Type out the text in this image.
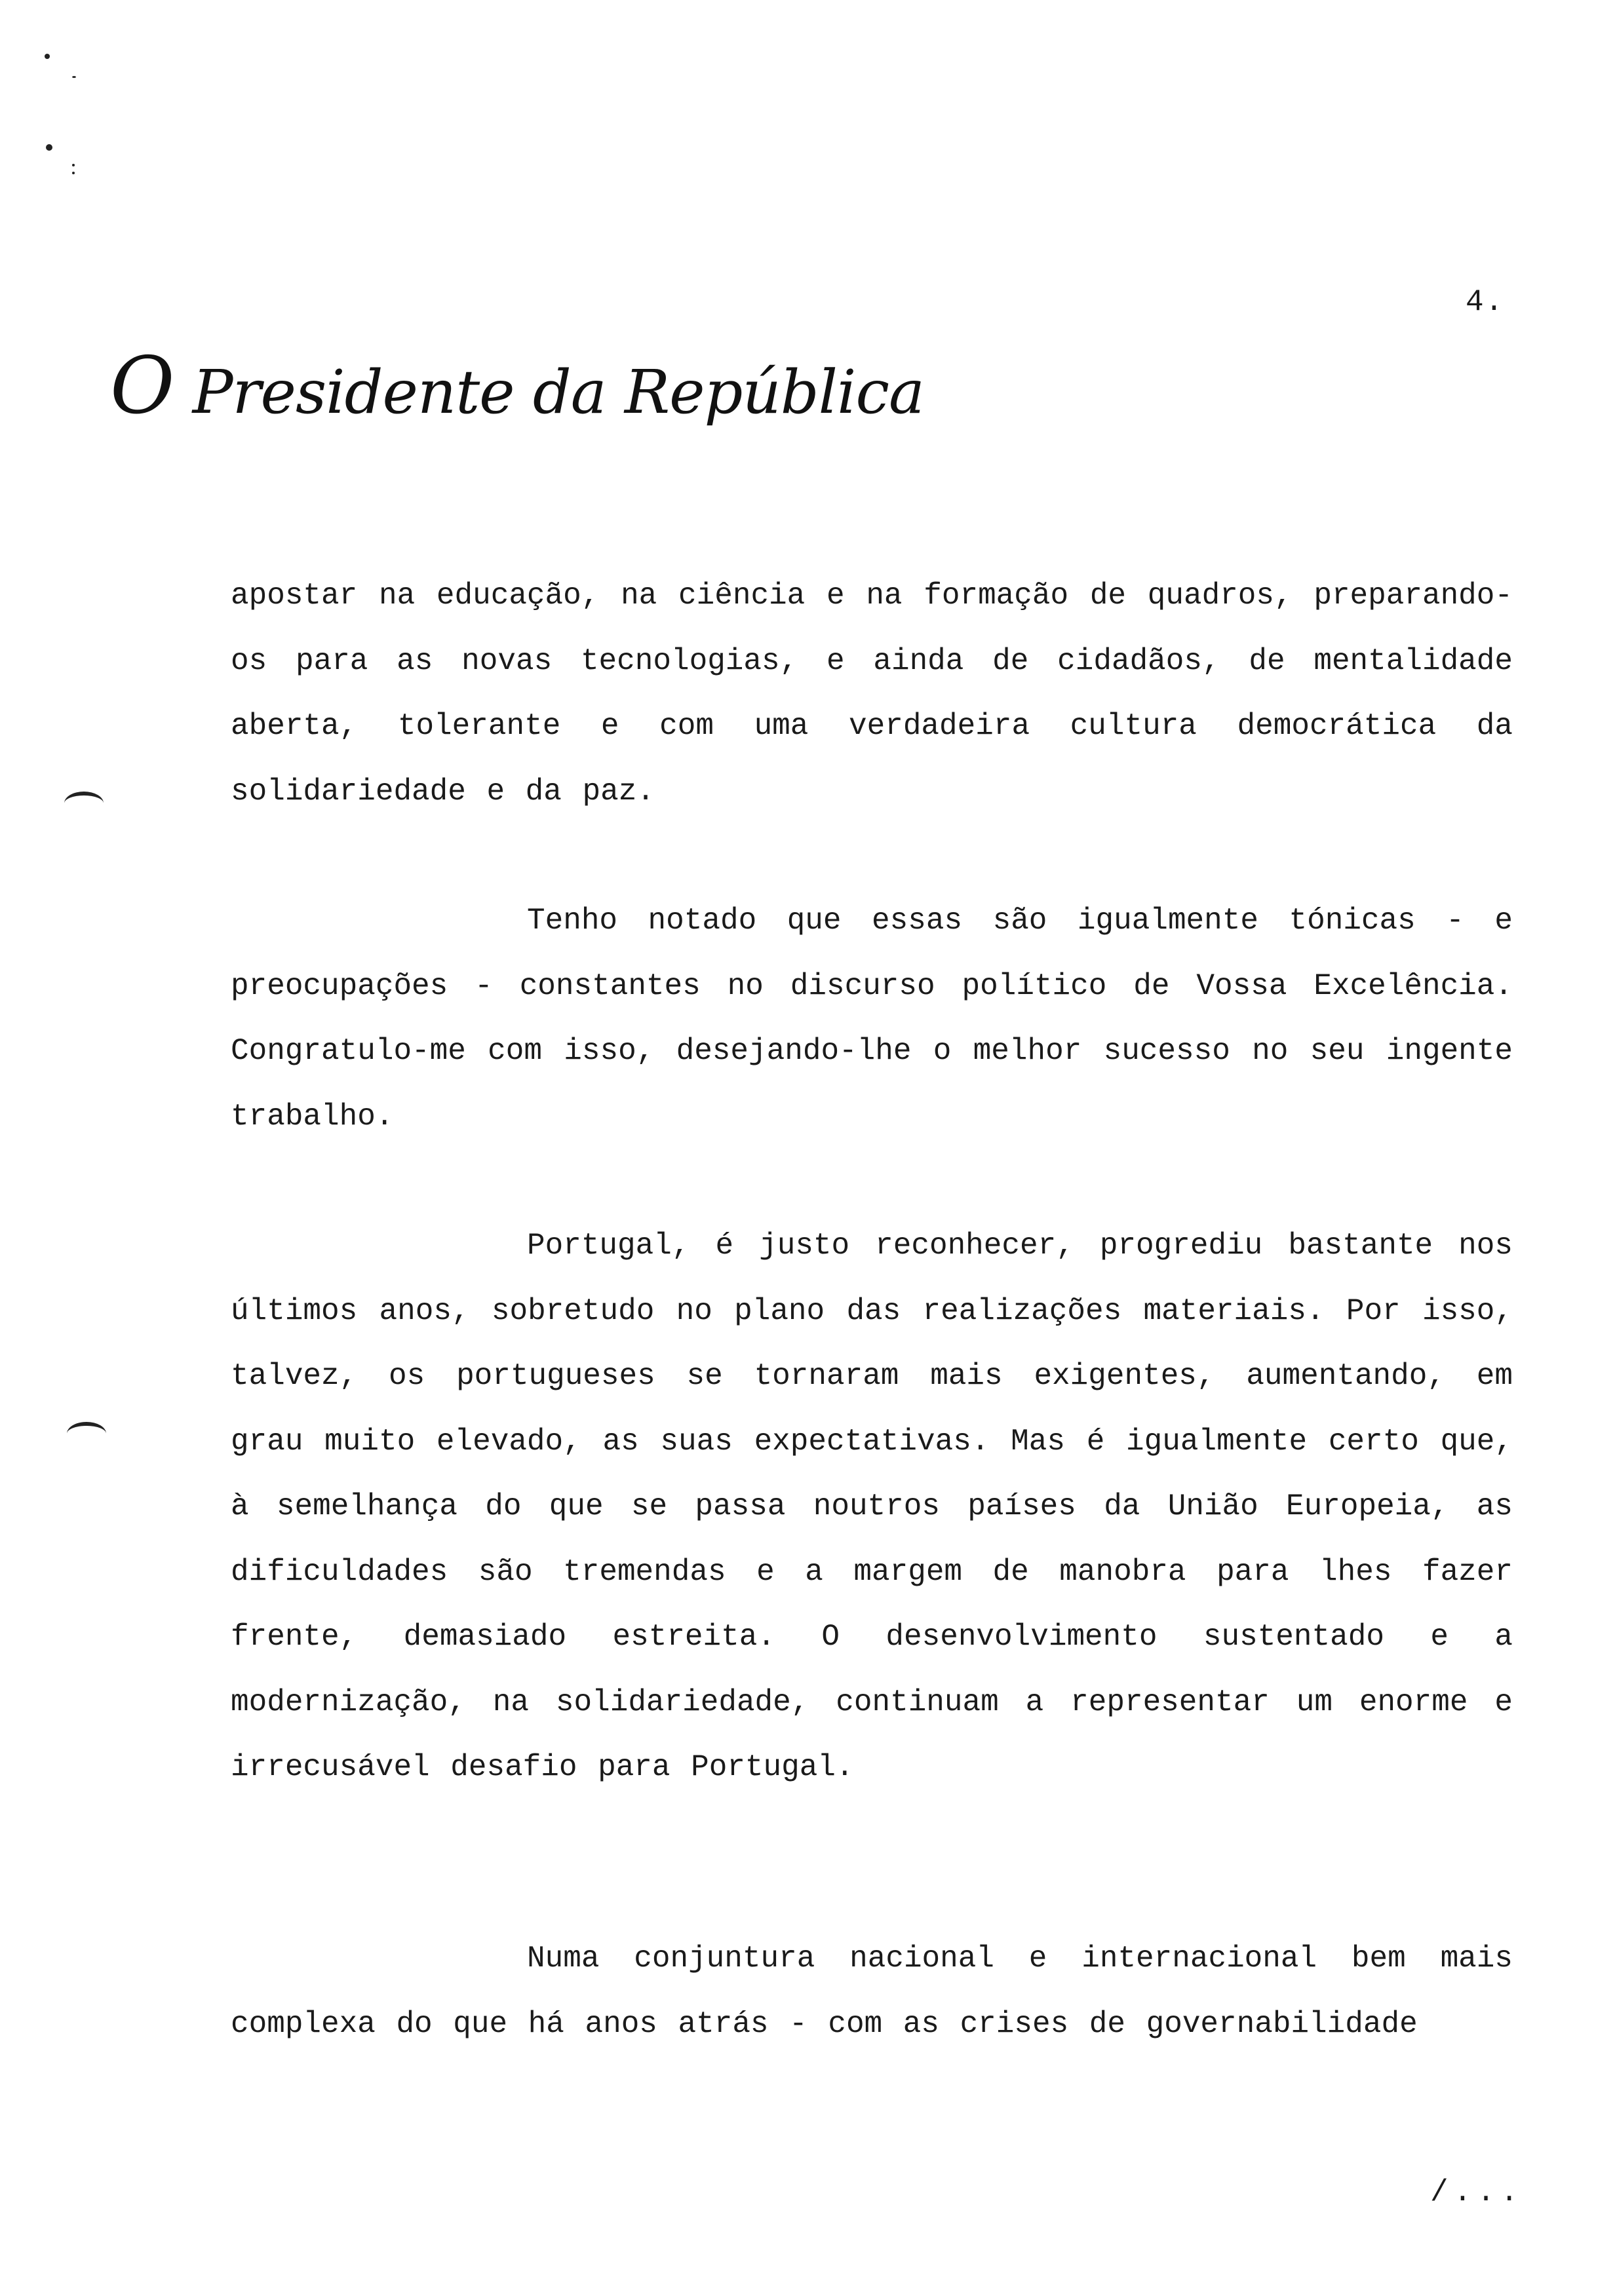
4.
O Presidente da República

apostar na educação, na ciência e na formação de quadros, preparando-os para as novas tecnologias, e ainda de cidadãos, de mentalidade aberta, tolerante e com uma verdadeira cultura democrática da solidariedade e da paz.

Tenho notado que essas são igualmente tónicas - e preocupações - constantes no discurso político de Vossa Excelência. Congratulo-me com isso, desejando-lhe o melhor sucesso no seu ingente trabalho.

Portugal, é justo reconhecer, progrediu bastante nos últimos anos, sobretudo no plano das realizações materiais. Por isso, talvez, os portugueses se tornaram mais exigentes, aumentando, em grau muito elevado, as suas expectativas. Mas é igualmente certo que, à semelhança do que se passa noutros países da União Europeia, as dificuldades são tremendas e a margem de manobra para lhes fazer frente, demasiado estreita. O desenvolvimento sustentado e a modernização, na solidariedade, continuam a representar um enorme e irrecusável desafio para Portugal.

Numa conjuntura nacional e internacional bem mais complexa do que há anos atrás - com as crises de governabilidade

/...
